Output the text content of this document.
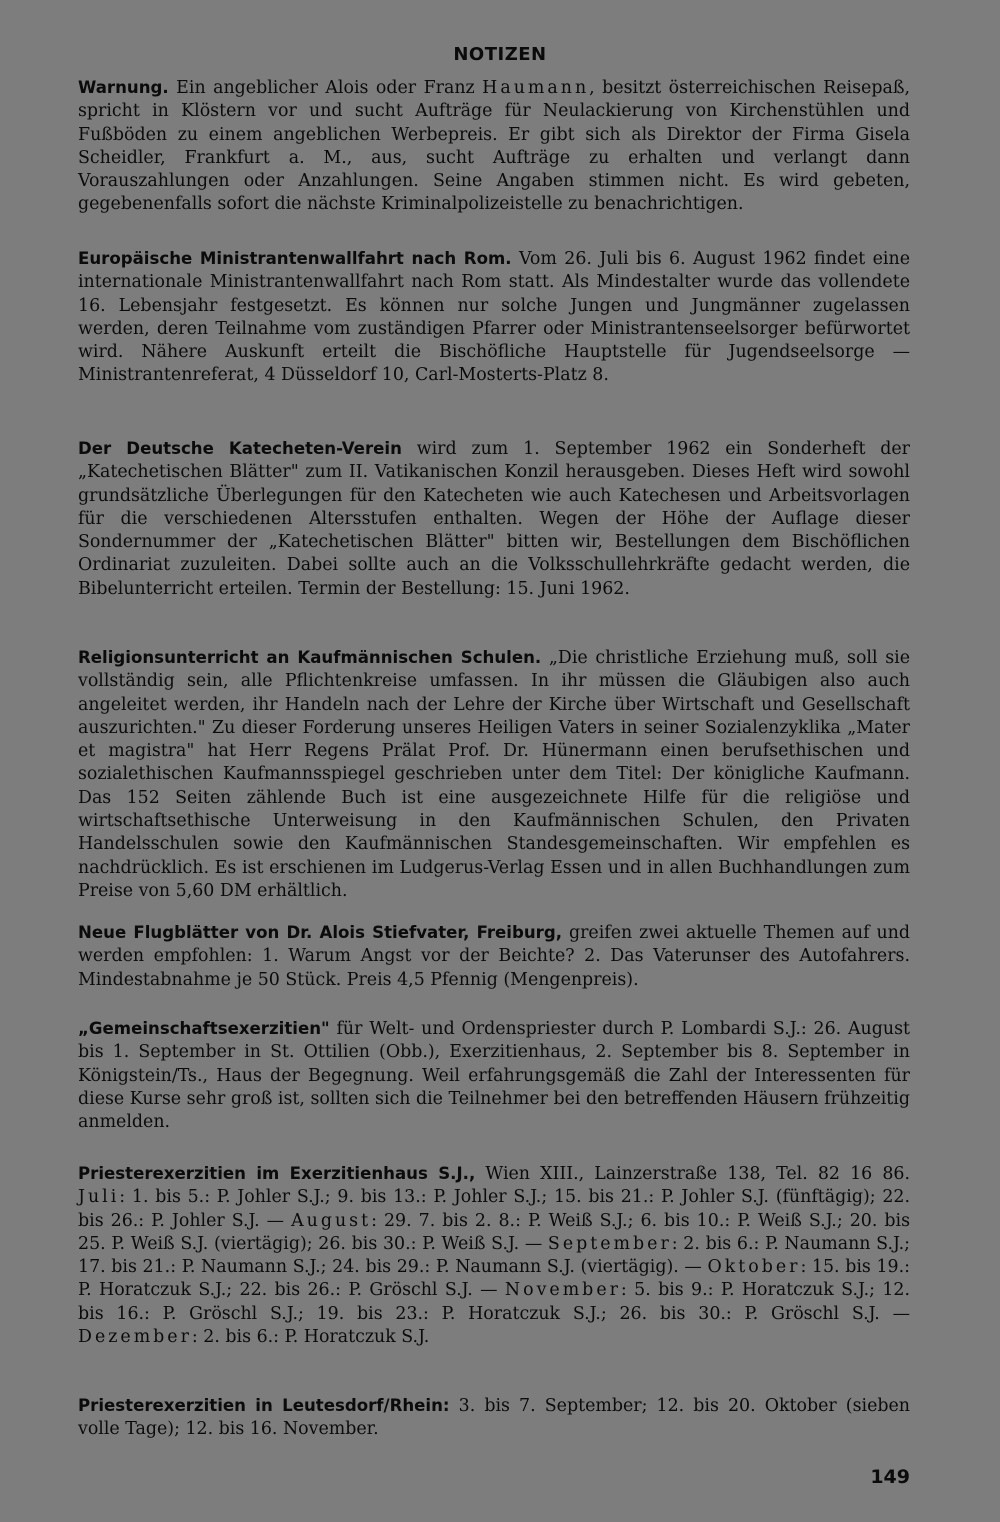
NOTIZEN

Warnung. Ein angeblicher Alois oder Franz Haumann, besitzt österreichischen Reisepaß, spricht in Klöstern vor und sucht Aufträge für Neulackierung von Kirchenstühlen und Fußböden zu einem angeblichen Werbepreis. Er gibt sich als Direktor der Firma Gisela Scheidler, Frankfurt a. M., aus, sucht Aufträge zu erhalten und verlangt dann Vorauszahlungen oder Anzahlungen. Seine Angaben stimmen nicht. Es wird gebeten, gegebenenfalls sofort die nächste Kriminalpolizeistelle zu benachrichtigen.

Europäische Ministrantenwallfahrt nach Rom. Vom 26. Juli bis 6. August 1962 findet eine internationale Ministrantenwallfahrt nach Rom statt. Als Mindestalter wurde das vollendete 16. Lebensjahr festgesetzt. Es können nur solche Jungen und Jungmänner zugelassen werden, deren Teilnahme vom zuständigen Pfarrer oder Ministrantenseelsorger befürwortet wird. Nähere Auskunft erteilt die Bischöfliche Hauptstelle für Jugendseelsorge — Ministrantenreferat, 4 Düsseldorf 10, Carl-Mosterts-Platz 8.

Der Deutsche Katecheten-Verein wird zum 1. September 1962 ein Sonderheft der „Katechetischen Blätter" zum II. Vatikanischen Konzil herausgeben. Dieses Heft wird sowohl grundsätzliche Überlegungen für den Katecheten wie auch Katechesen und Arbeitsvorlagen für die verschiedenen Altersstufen enthalten. Wegen der Höhe der Auflage dieser Sondernummer der „Katechetischen Blätter" bitten wir, Bestellungen dem Bischöflichen Ordinariat zuzuleiten. Dabei sollte auch an die Volksschullehrkräfte gedacht werden, die Bibelunterricht erteilen. Termin der Bestellung: 15. Juni 1962.

Religionsunterricht an Kaufmännischen Schulen. „Die christliche Erziehung muß, soll sie vollständig sein, alle Pflichtenkreise umfassen. In ihr müssen die Gläubigen also auch angeleitet werden, ihr Handeln nach der Lehre der Kirche über Wirtschaft und Gesellschaft auszurichten." Zu dieser Forderung unseres Heiligen Vaters in seiner Sozialenzyklika „Mater et magistra" hat Herr Regens Prälat Prof. Dr. Hünermann einen berufsethischen und sozialethischen Kaufmannsspiegel geschrieben unter dem Titel: Der königliche Kaufmann. Das 152 Seiten zählende Buch ist eine ausgezeichnete Hilfe für die religiöse und wirtschaftsethische Unterweisung in den Kaufmännischen Schulen, den Privaten Handelsschulen sowie den Kaufmännischen Standesgemeinschaften. Wir empfehlen es nachdrücklich. Es ist erschienen im Ludgerus-Verlag Essen und in allen Buchhandlungen zum Preise von 5,60 DM erhältlich.

Neue Flugblätter von Dr. Alois Stiefvater, Freiburg, greifen zwei aktuelle Themen auf und werden empfohlen: 1. Warum Angst vor der Beichte? 2. Das Vaterunser des Autofahrers. Mindestabnahme je 50 Stück. Preis 4,5 Pfennig (Mengenpreis).

„Gemeinschaftsexerzitien" für Welt- und Ordenspriester durch P. Lombardi S.J.: 26. August bis 1. September in St. Ottilien (Obb.), Exerzitienhaus, 2. September bis 8. September in Königstein/Ts., Haus der Begegnung. Weil erfahrungsgemäß die Zahl der Interessenten für diese Kurse sehr groß ist, sollten sich die Teilnehmer bei den betreffenden Häusern frühzeitig anmelden.

Priesterexerzitien im Exerzitienhaus S.J., Wien XIII., Lainzerstraße 138, Tel. 82 16 86. Juli: 1. bis 5.: P. Johler S.J.; 9. bis 13.: P. Johler S.J.; 15. bis 21.: P. Johler S.J. (fünftägig); 22. bis 26.: P. Johler S.J. — August: 29. 7. bis 2. 8.: P. Weiß S.J.; 6. bis 10.: P. Weiß S.J.; 20. bis 25. P. Weiß S.J. (viertägig); 26. bis 30.: P. Weiß S.J. — September: 2. bis 6.: P. Naumann S.J.; 17. bis 21.: P. Naumann S.J.; 24. bis 29.: P. Naumann S.J. (viertägig). — Oktober: 15. bis 19.: P. Horatczuk S.J.; 22. bis 26.: P. Gröschl S.J. — November: 5. bis 9.: P. Horatczuk S.J.; 12. bis 16.: P. Gröschl S.J.; 19. bis 23.: P. Horatczuk S.J.; 26. bis 30.: P. Gröschl S.J. — Dezember: 2. bis 6.: P. Horatczuk S.J.

Priesterexerzitien in Leutesdorf/Rhein: 3. bis 7. September; 12. bis 20. Oktober (sieben volle Tage); 12. bis 16. November.

149
